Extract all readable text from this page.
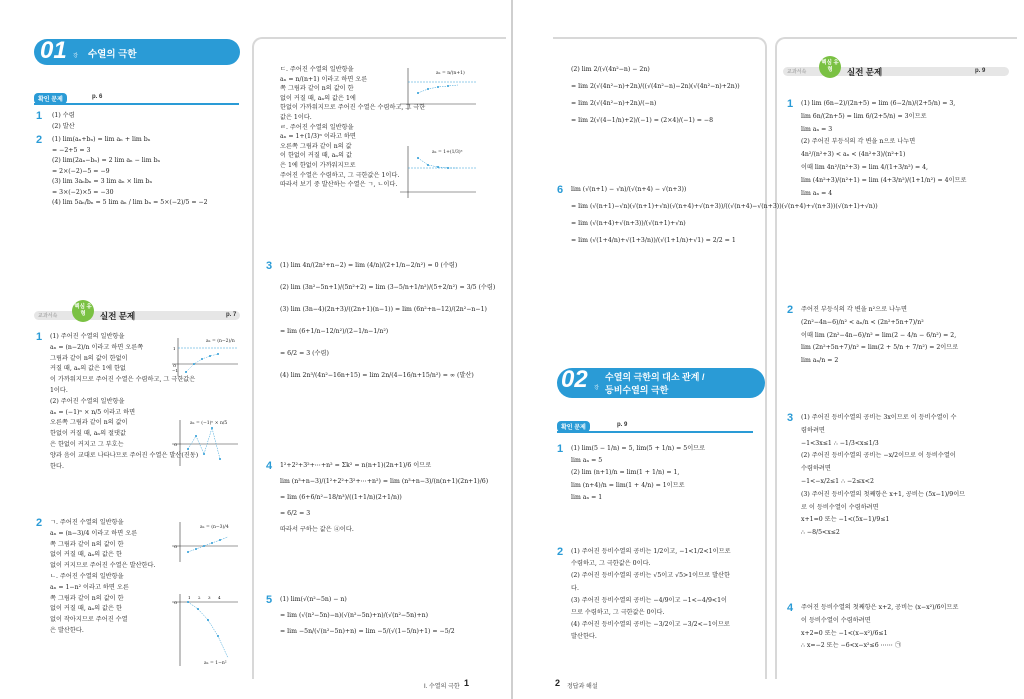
01 강 수열의 극한
확인 문제	p. 6
1 (1) 수렴
(2) 발산
2 (1) lim(aₙ+bₙ) = lim aₙ + lim bₙ
= −2+5 = 3
(2) lim(2aₙ−bₙ) = 2 lim aₙ − lim bₙ
= 2×(−2)−5 = −9
(3) lim 3aₙbₙ = 3 lim aₙ × lim bₙ
= 3×(−2)×5 = −30
(4) lim 5aₙ/bₙ = 5 lim aₙ / lim bₙ = 5×(−2)/5 = −2
교과서속
핵심 유형	실전 문제	p. 7
1 (1) 주어진 수열의 일반항을
aₙ = (n−2)/n 이라고 하면 오른쪽
그림과 같이 n의 값이 한없이
커질 때, aₙ의 값은 1에 한없
이 가까워지므로 주어진 수열은 수렴하고, 그 극한값은
1이다.
(2) 주어진 수열의 일반항을
aₙ = (−1)ⁿ × n/5 이라고 하면
오른쪽 그림과 같이 n의 값이
한없이 커질 때, aₙ의 절댓값
은 한없이 커지고 그 부호는
양과 음이 교대로 나타나므로 주어진 수열은 발산(진동)
한다.
2 ㄱ. 주어진 수열의 일반항을
aₙ = (n−3)/4 이라고 하면 오른
쪽 그림과 같이 n의 값이 한
없이 커질 때, aₙ의 값은 한
없이 커지므로 주어진 수열은 발산한다.
ㄴ. 주어진 수열의 일반항을
aₙ = 1−n² 이라고 하면 오른
쪽 그림과 같이 n의 값이 한
없이 커질 때, aₙ의 값은 한
없이 작아지므로 주어진 수열
은 발산한다.
ㄷ. 주어진 수열의 일반항을
aₙ = n/(n+1) 이라고 하면 오른
쪽 그림과 같이 n의 값이 한
없이 커질 때, aₙ의 값은 1에
한없이 가까워지므로 주어진 수열은 수렴하고, 그 극한
값은 1이다.
ㄹ. 주어진 수열의 일반항을
aₙ = 1+(1/3)ⁿ 이라고 하면
오른쪽 그림과 같이 n의 값
이 한없이 커질 때, aₙ의 값
은 1에 한없이 가까워지므로
주어진 수열은 수렴하고, 그 극한값은 1이다.
따라서 보기 중 발산하는 수열은 ㄱ, ㄴ이다.
3 (1) lim 4n/(2n²+n−2) = lim (4/n)/(2+1/n−2/n²) = 0 (수렴)
(2) lim (3n²−5n+1)/(5n²+2) = lim (3−5/n+1/n²)/(5+2/n²) = 3/5 (수렴)
(3) lim (3n−4)(2n+3)/((2n+1)(n−1)) = lim (6n²+n−12)/(2n²−n−1)
= lim (6+1/n−12/n²)/(2−1/n−1/n²)
= 6/2 = 3 (수렴)
(4) lim 2n³/(4n²−16n+15) = lim 2n/(4−16/n+15/n²) = ∞ (발산)
4 1²+2²+3²+⋯+n² = Σk² = n(n+1)(2n+1)/6 이므로
lim (n³+n−3)/(1²+2²+3²+⋯+n²) = lim (n³+n−3)/(n(n+1)(2n+1)/6)
= lim (6+6/n²−18/n³)/((1+1/n)(2+1/n))
= 6/2 = 3
따라서 구하는 값은 ④이다.
5 (1) lim(√(n²−5n) − n)
= lim (√(n²−5n)−n)(√(n²−5n)+n)/(√(n²−5n)+n)
= lim −5n/(√(n²−5n)+n) = lim −5/(√(1−5/n)+1) = −5/2
1
O
−1
aₙ = (n−2)/n
O
aₙ = (−1)ⁿ × n/5
O
aₙ = (n−3)/4
O
1 2 3 4
aₙ = 1−n²
aₙ = n/(n+1)
aₙ = 1+(1/3)ⁿ
I. 수열의 극한 1
(2) lim 2/(√(4n²−n) − 2n)
= lim 2(√(4n²−n)+2n)/((√(4n²−n)−2n)(√(4n²−n)+2n))
= lim 2(√(4n²−n)+2n)/(−n)
= lim 2(√(4−1/n)+2)/(−1) = (2×4)/(−1) = −8
6 lim (√(n+1) − √n)/(√(n+4) − √(n+3))
= lim (√(n+1)−√n)(√(n+1)+√n)(√(n+4)+√(n+3))/((√(n+4)−√(n+3))(√(n+4)+√(n+3))(√(n+1)+√n))
= lim (√(n+4)+√(n+3))/(√(n+1)+√n)
= lim (√(1+4/n)+√(1+3/n))/(√(1+1/n)+√1) = 2/2 = 1
02 강
수열의 극한의 대소 관계 /
등비수열의 극한
확인 문제	p. 9
1 (1) lim(5 − 1/n) = 5, lim(5 + 1/n) = 5이므로
lim aₙ = 5
(2) lim (n+1)/n = lim(1 + 1/n) = 1,
lim (n+4)/n = lim(1 + 4/n) = 1이므로
lim aₙ = 1
2 (1) 주어진 등비수열의 공비는 1/2이고, −1<1/2<1이므로
수렴하고, 그 극한값은 0이다.
(2) 주어진 등비수열의 공비는 √5이고 √5>1이므로 발산한
다.
(3) 주어진 등비수열의 공비는 −4/9이고 −1<−4/9<1이
므로 수렴하고, 그 극한값은 0이다.
(4) 주어진 등비수열의 공비는 −3/2이고 −3/2<−1이므로
발산한다.
교과서속
핵심 유형	실전 문제	p. 9
1 (1) lim (6n−2)/(2n+5) = lim (6−2/n)/(2+5/n) = 3,
lim 6n/(2n+5) = lim 6/(2+5/n) = 3이므로
lim aₙ = 3
(2) 주어진 부등식의 각 변을 n으로 나누면
4n²/(n²+3) < aₙ < (4n²+3)/(n²+1)
이때 lim 4n²/(n²+3) = lim 4/(1+3/n²) = 4,
lim (4n²+3)/(n²+1) = lim (4+3/n²)/(1+1/n²) = 4이므로
lim aₙ = 4
2 주어진 부등식의 각 변을 n²으로 나누면
(2n²−4n−6)/n² < aₙ/n < (2n²+5n+7)/n²
이때 lim (2n²−4n−6)/n² = lim(2 − 4/n − 6/n²) = 2,
lim (2n²+5n+7)/n² = lim(2 + 5/n + 7/n²) = 2이므로
lim aₙ/n = 2
3 (1) 주어진 등비수열의 공비는 3x이므로 이 등비수열이 수
렴하려면
−1<3x≤1 ∴ −1/3<x≤1/3
(2) 주어진 등비수열의 공비는 −x/2이므로 이 등비수열이
수렴하려면
−1<−x/2≤1 ∴ −2≤x<2
(3) 주어진 등비수열의 첫째항은 x+1, 공비는 (5x−1)/9이므
로 이 등비수열이 수렴하려면
x+1=0 또는 −1<(5x−1)/9≤1
∴ −8/5<x≤2
4 주어진 등비수열의 첫째항은 x+2, 공비는 (x−x²)/6이므로
이 등비수열이 수렴하려면
x+2=0 또는 −1<(x−x²)/6≤1
∴ x=−2 또는 −6<x−x²≤6 ⋯⋯ ㉠
2 정답과 해설
